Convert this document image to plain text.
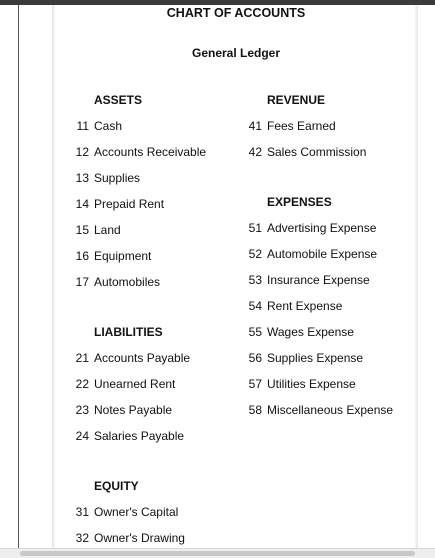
CHART OF ACCOUNTS
General Ledger
ASSETS
11 Cash
12 Accounts Receivable
13 Supplies
14 Prepaid Rent
15 Land
16 Equipment
17 Automobiles
LIABILITIES
21 Accounts Payable
22 Unearned Rent
23 Notes Payable
24 Salaries Payable
EQUITY
31 Owner's Capital
32 Owner's Drawing
REVENUE
41 Fees Earned
42 Sales Commission
EXPENSES
51 Advertising Expense
52 Automobile Expense
53 Insurance Expense
54 Rent Expense
55 Wages Expense
56 Supplies Expense
57 Utilities Expense
58 Miscellaneous Expense
